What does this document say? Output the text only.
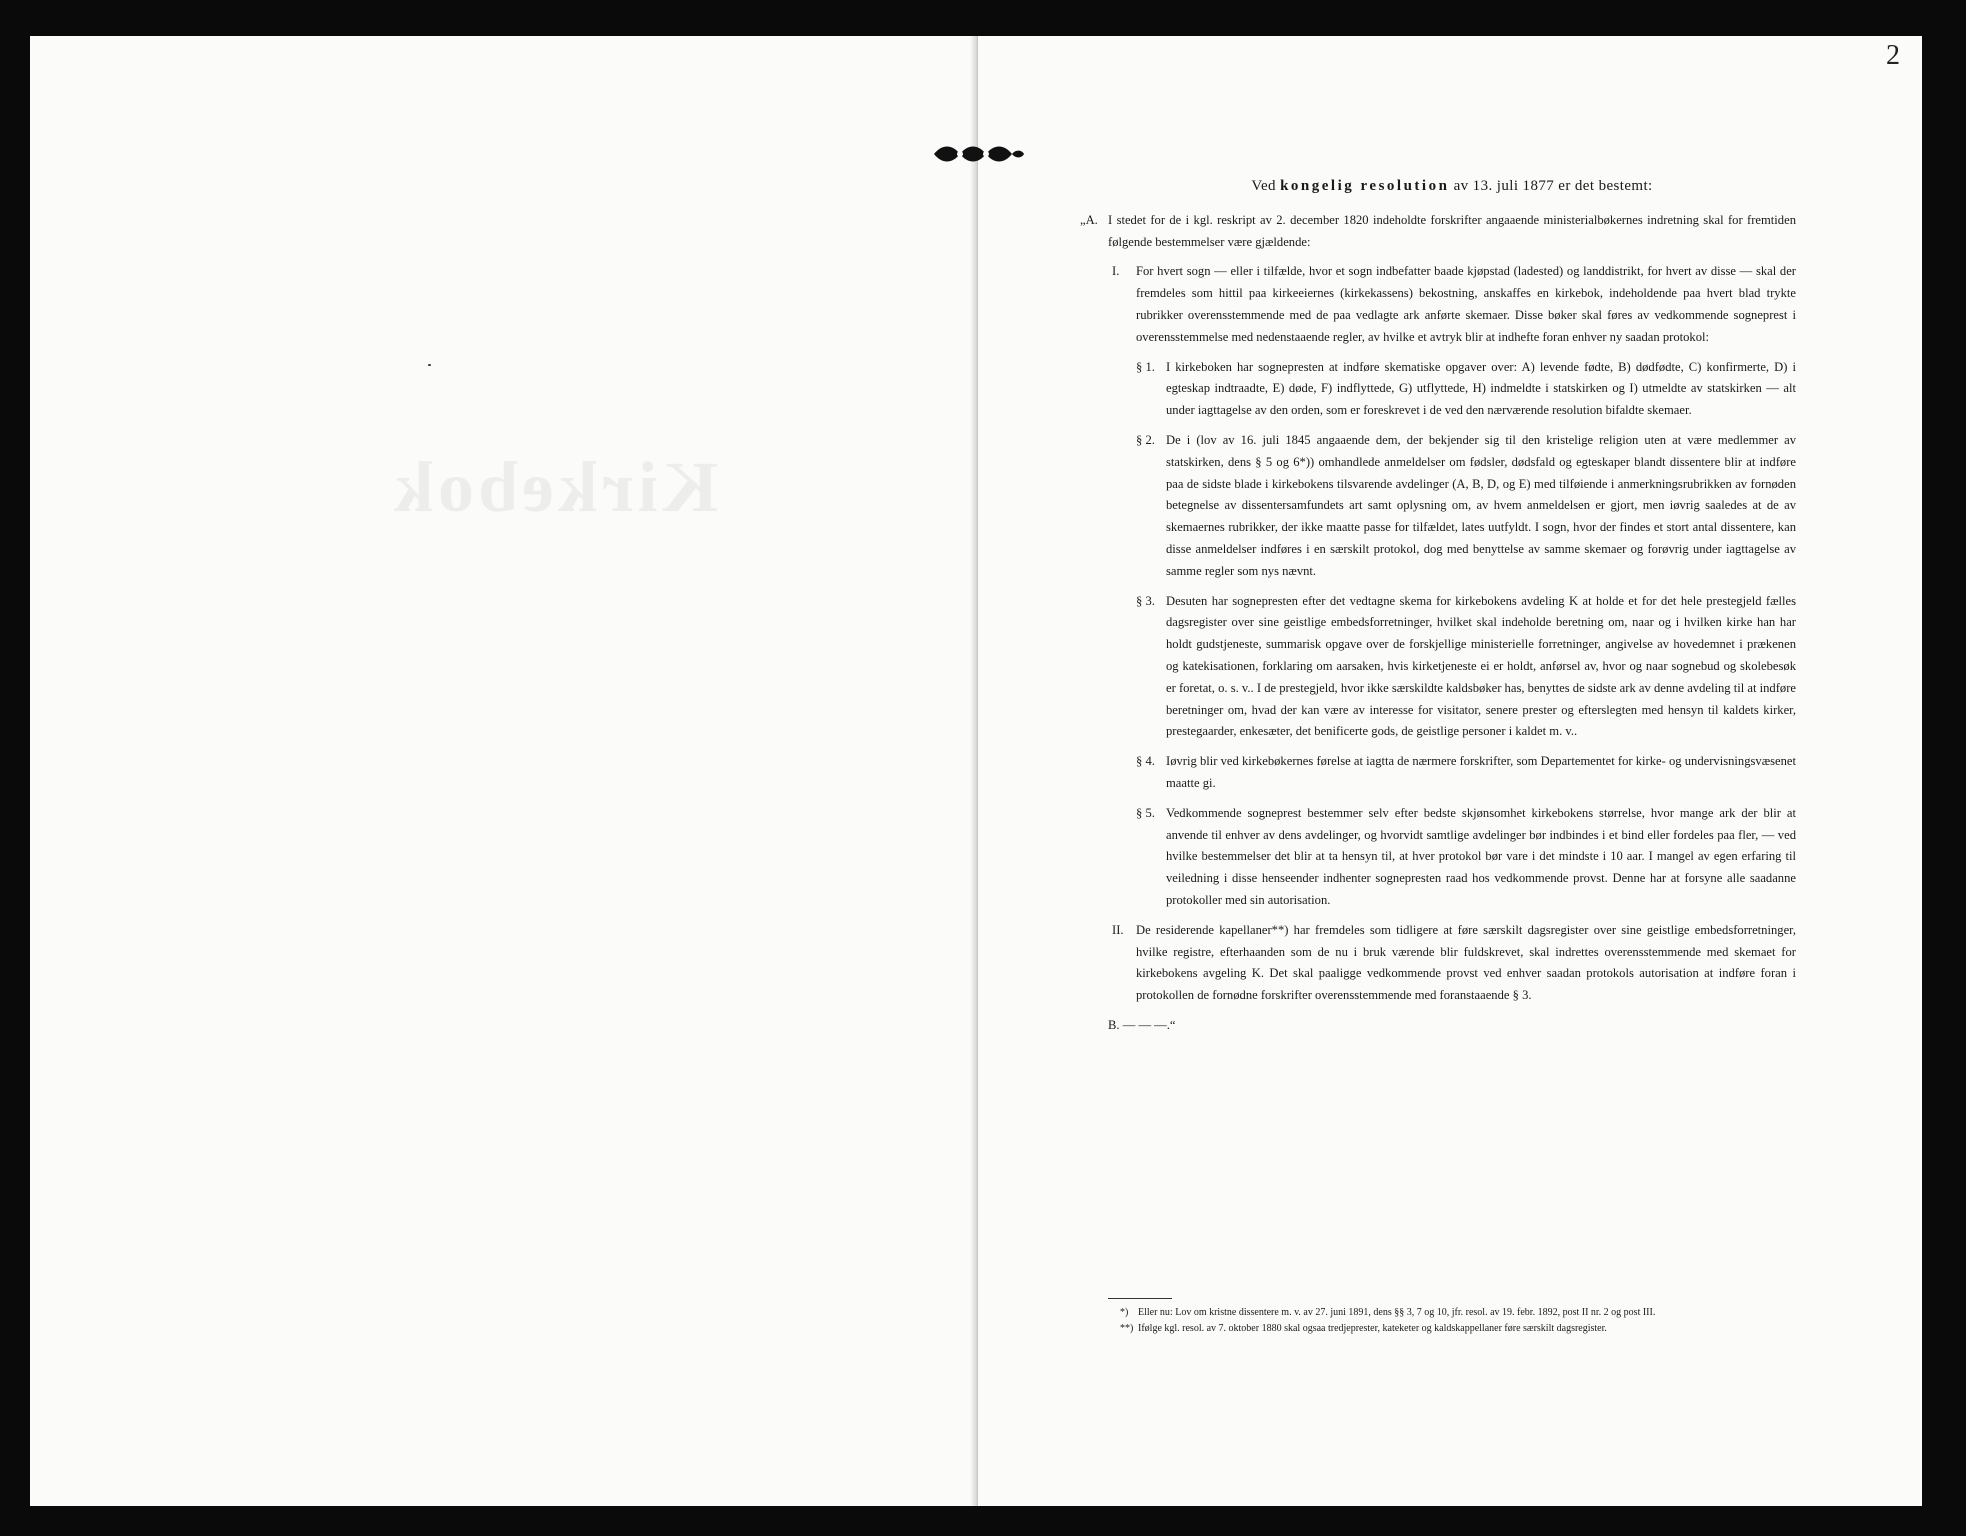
Kirkebok
2
Ved kongelig resolution av 13. juli 1877 er det bestemt:
„A. I stedet for de i kgl. reskript av 2. december 1820 indeholdte forskrifter angaaende ministerialbøkernes indretning skal for fremtiden følgende bestemmelser være gjældende:
I. For hvert sogn — eller i tilfælde, hvor et sogn indbefatter baade kjøpstad (ladested) og landdistrikt, for hvert av disse — skal der fremdeles som hittil paa kirkeeiernes (kirkekassens) bekostning, anskaffes en kirkebok, indeholdende paa hvert blad trykte rubrikker overensstemmende med de paa vedlagte ark anførte skemaer. Disse bøker skal føres av vedkommende sogneprest i overensstemmelse med nedenstaaende regler, av hvilke et avtryk blir at indhefte foran enhver ny saadan protokol:
§ 1. I kirkeboken har sognepresten at indføre skematiske opgaver over: A) levende fødte, B) dødfødte, C) konfirmerte, D) i egteskap indtraadte, E) døde, F) indflyttede, G) utflyttede, H) indmeldte i statskirken og I) utmeldte av statskirken — alt under iagttagelse av den orden, som er foreskrevet i de ved den nærværende resolution bifaldte skemaer.
§ 2. De i (lov av 16. juli 1845 angaaende dem, der bekjender sig til den kristelige religion uten at være medlemmer av statskirken, dens § 5 og 6*)) omhandlede anmeldelser om fødsler, dødsfald og egteskaper blandt dissentere blir at indføre paa de sidste blade i kirkebokens tilsvarende avdelinger (A, B, D, og E) med tilføiende i anmerkningsrubrikken av fornøden betegnelse av dissentersamfundets art samt oplysning om, av hvem anmeldelsen er gjort, men iøvrig saaledes at de av skemaernes rubrikker, der ikke maatte passe for tilfældet, lates uutfyldt. I sogn, hvor der findes et stort antal dissentere, kan disse anmeldelser indføres i en særskilt protokol, dog med benyttelse av samme skemaer og forøvrig under iagttagelse av samme regler som nys nævnt.
§ 3. Desuten har sognepresten efter det vedtagne skema for kirkebokens avdeling K at holde et for det hele prestegjeld fælles dagsregister over sine geistlige embedsforretninger, hvilket skal indeholde beretning om, naar og i hvilken kirke han har holdt gudstjeneste, summarisk opgave over de forskjellige ministerielle forretninger, angivelse av hovedemnet i prækenen og katekisationen, forklaring om aarsaken, hvis kirketjeneste ei er holdt, anførsel av, hvor og naar sognebud og skolebesøk er foretat, o. s. v.. I de prestegjeld, hvor ikke særskildte kaldsbøker has, benyttes de sidste ark av denne avdeling til at indføre beretninger om, hvad der kan være av interesse for visitator, senere prester og efterslegten med hensyn til kaldets kirker, prestegaarder, enkesæter, det benificerte gods, de geistlige personer i kaldet m. v..
§ 4. Iøvrig blir ved kirkebøkernes førelse at iagtta de nærmere forskrifter, som Departementet for kirke- og undervisningsvæsenet maatte gi.
§ 5. Vedkommende sogneprest bestemmer selv efter bedste skjønsomhet kirkebokens størrelse, hvor mange ark der blir at anvende til enhver av dens avdelinger, og hvorvidt samtlige avdelinger bør indbindes i et bind eller fordeles paa fler, — ved hvilke bestemmelser det blir at ta hensyn til, at hver protokol bør vare i det mindste i 10 aar. I mangel av egen erfaring til veiledning i disse henseender indhenter sognepresten raad hos vedkommende provst. Denne har at forsyne alle saadanne protokoller med sin autorisation.
II. De residerende kapellaner**) har fremdeles som tidligere at føre særskilt dagsregister over sine geistlige embedsforretninger, hvilke registre, efterhaanden som de nu i bruk værende blir fuldskrevet, skal indrettes overensstemmende med skemaet for kirkebokens avgeling K. Det skal paaligge vedkommende provst ved enhver saadan protokols autorisation at indføre foran i protokollen de fornødne forskrifter overensstemmende med foranstaaende § 3.
B. — — —.“
*) Eller nu: Lov om kristne dissentere m. v. av 27. juni 1891, dens §§ 3, 7 og 10, jfr. resol. av 19. febr. 1892, post II nr. 2 og post III.
**) Ifølge kgl. resol. av 7. oktober 1880 skal ogsaa tredjeprester, kateketer og kaldskappellaner føre særskilt dagsregister.
